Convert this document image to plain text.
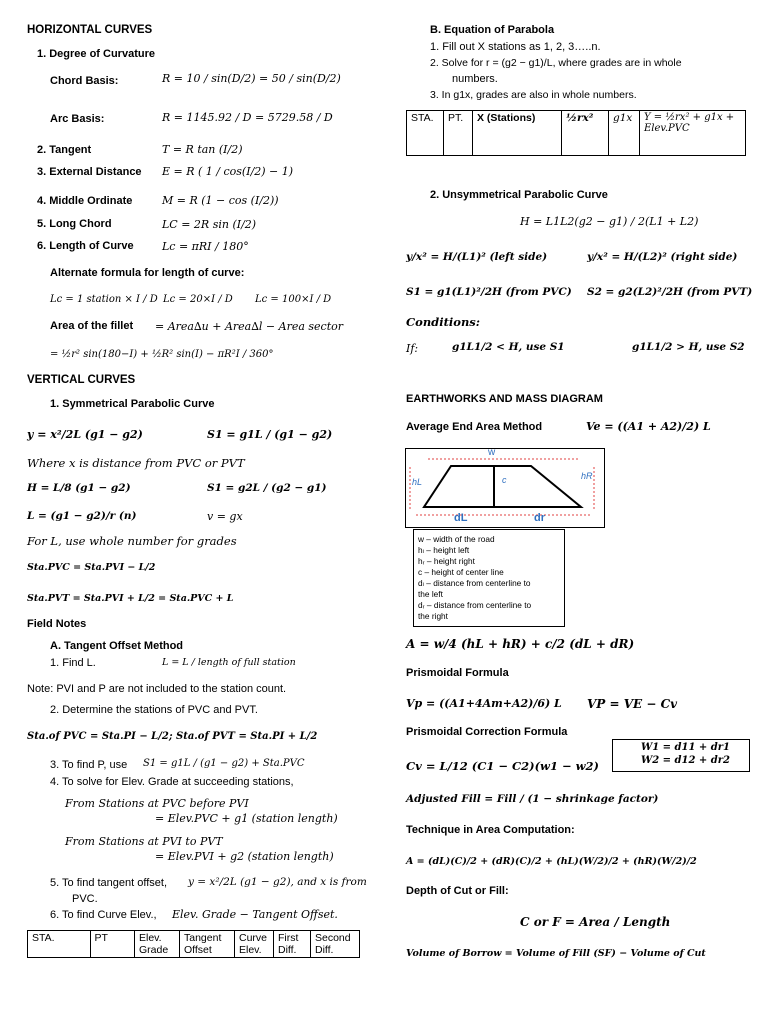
HORIZONTAL CURVES
1. Degree of Curvature
Chord Basis:	R = 10 / sin(D/2) = 50 / sin(D/2)
Arc Basis:	R = 1145.92 / D = 5729.58 / D
2. Tangent	T = R tan (I/2)
3. External Distance E = R ( 1 / cos(I/2) − 1)
4. Middle Ordinate	M = R (1 − cos (I/2))
5. Long Chord	LC = 2R sin (I/2)
6. Length of Curve	Lc = πRI / 180°
Alternate formula for length of curve:
Lc = 1 station × I / D Lc = 20×I / D Lc = 100×I / D
Area of the fillet = Area∆u + Area∆l − Area sector
= ½r² sin(180−I) + ½R² sin(I) − πR²I / 360°
VERTICAL CURVES
1. Symmetrical Parabolic Curve
y = x²/2L (g1 − g2)	S1 = g1L / (g1 − g2)
Where x is distance from PVC or PVT
H = L/8 (g1 − g2)	S1 = g2L / (g2 − g1)
L = (g1 − g2)/r (n)	v = gx
For L, use whole number for grades
Sta.PVC = Sta.PVI − L/2
Sta.PVT = Sta.PVI + L/2 = Sta.PVC + L
Field Notes
A. Tangent Offset Method
1. Find L.	L = L / length of full station
Note: PVI and P are not included to the station count.
2. Determine the stations of PVC and PVT.
Sta.of PVC = Sta.PI − L/2; Sta.of PVT = Sta.PI + L/2
3. To find P, use S1 = g1L / (g1 − g2) + Sta.PVC
4. To solve for Elev. Grade at succeeding stations,
From Stations at PVC before PVI
= Elev.PVC + g1 (station length)
From Stations at PVI to PVT
= Elev.PVI + g2 (station length)
5. To find tangent offset, y = x²/2L (g1 − g2), and x is from
PVC.
6. To find Curve Elev., Elev. Grade − Tangent Offset.
STA.	PT	Elev. Grade	Tangent Offset	Curve Elev.	First Diff.	Second Diff.
B. Equation of Parabola
1. Fill out X stations as 1, 2, 3…..n.
2. Solve for r = (g2 − g1)/L, where grades are in whole
numbers.
3. In g1x, grades are also in whole numbers.
STA.	PT.	X (Stations)	½rx²	g1x	Y = ½rx² + g1x + Elev.PVC
2. Unsymmetrical Parabolic Curve
H = L1L2(g2 − g1) / 2(L1 + L2)
y/x² = H/(L1)² (left side)	y/x² = H/(L2)² (right side)
S1 = g1(L1)²/2H (from PVC) S2 = g2(L2)²/2H (from PVT)
Conditions:
If:	g1L1/2 < H, use S1	g1L1/2 > H, use S2
EARTHWORKS AND MASS DIAGRAM
Average End Area Method	Ve = ((A1 + A2)/2) L
w
hL
hR
c
dL	dr
w – width of the road
hₗ – height left
hᵣ – height right
c – height of center line
dₗ – distance from centerline to
the left
dᵣ – distance from centerline to
the right
A = w/4 (hL + hR) + c/2 (dL + dR)
Prismoidal Formula
Vp = ((A1+4Am+A2)/6) L VP = VE − Cv
Prismoidal Correction Formula
W1 = d11 + dr1
W2 = d12 + dr2
Cv = L/12 (C1 − C2)(w1 − w2)
Adjusted Fill = Fill / (1 − shrinkage factor)
Technique in Area Computation:
A = (dL)(C)/2 + (dR)(C)/2 + (hL)(W/2)/2 + (hR)(W/2)/2
Depth of Cut or Fill:
C or F = Area / Length
Volume of Borrow = Volume of Fill (SF) − Volume of Cut
